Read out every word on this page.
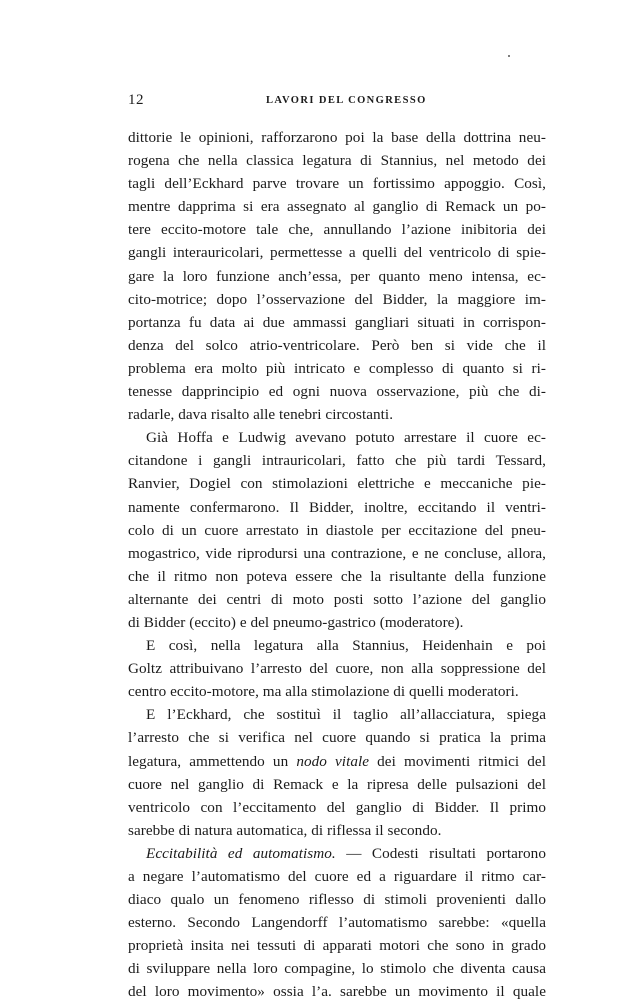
12	LAVORI DEL CONGRESSO
dittorie le opinioni, rafforzarono poi la base della dottrina neu-
rogena che nella classica legatura di Stannius, nel metodo dei
tagli dell’Eckhard parve trovare un fortissimo appoggio. Così,
mentre dapprima si era assegnato al ganglio di Remack un po-
tere eccito-motore tale che, annullando l’azione inibitoria dei
gangli interauricolari, permettesse a quelli del ventricolo di spie-
gare la loro funzione anch’essa, per quanto meno intensa, ec-
cito-motrice; dopo l’osservazione del Bidder, la maggiore im-
portanza fu data ai due ammassi gangliari situati in corrispon-
denza del solco atrio-ventricolare. Però ben si vide che il
problema era molto più intricato e complesso di quanto si ri-
tenesse dapprincipio ed ogni nuova osservazione, più che di-
radarle, dava risalto alle tenebri circostanti.
Già Hoffa e Ludwig avevano potuto arrestare il cuore ec-
citandone i gangli intrauricolari, fatto che più tardi Tessard,
Ranvier, Dogiel con stimolazioni elettriche e meccaniche pie-
namente confermarono. Il Bidder, inoltre, eccitando il ventri-
colo di un cuore arrestato in diastole per eccitazione del pneu-
mogastrico, vide riprodursi una contrazione, e ne concluse, allora,
che il ritmo non poteva essere che la risultante della funzione
alternante dei centri di moto posti sotto l’azione del ganglio
di Bidder (eccito) e del pneumo-gastrico (moderatore).
E così, nella legatura alla Stannius, Heidenhain e poi
Goltz attribuivano l’arresto del cuore, non alla soppressione del
centro eccito-motore, ma alla stimolazione di quelli moderatori.
E l’Eckhard, che sostituì il taglio all’allacciatura, spiega
l’arresto che si verifica nel cuore quando si pratica la prima
legatura, ammettendo un nodo vitale dei movimenti ritmici del
cuore nel ganglio di Remack e la ripresa delle pulsazioni del
ventricolo con l’eccitamento del ganglio di Bidder. Il primo
sarebbe di natura automatica, di riflessa il secondo.
Eccitabilità ed automatismo. — Codesti risultati portarono
a negare l’automatismo del cuore ed a riguardare il ritmo car-
diaco qualo un fenomeno riflesso di stimoli provenienti dallo
esterno. Secondo Langendorff l’automatismo sarebbe: «quella
proprietà insita nei tessuti di apparati motori che sono in grado
di sviluppare nella loro compagine, lo stimolo che diventa causa
del loro movimento» ossia l’a. sarebbe un movimento il quale
